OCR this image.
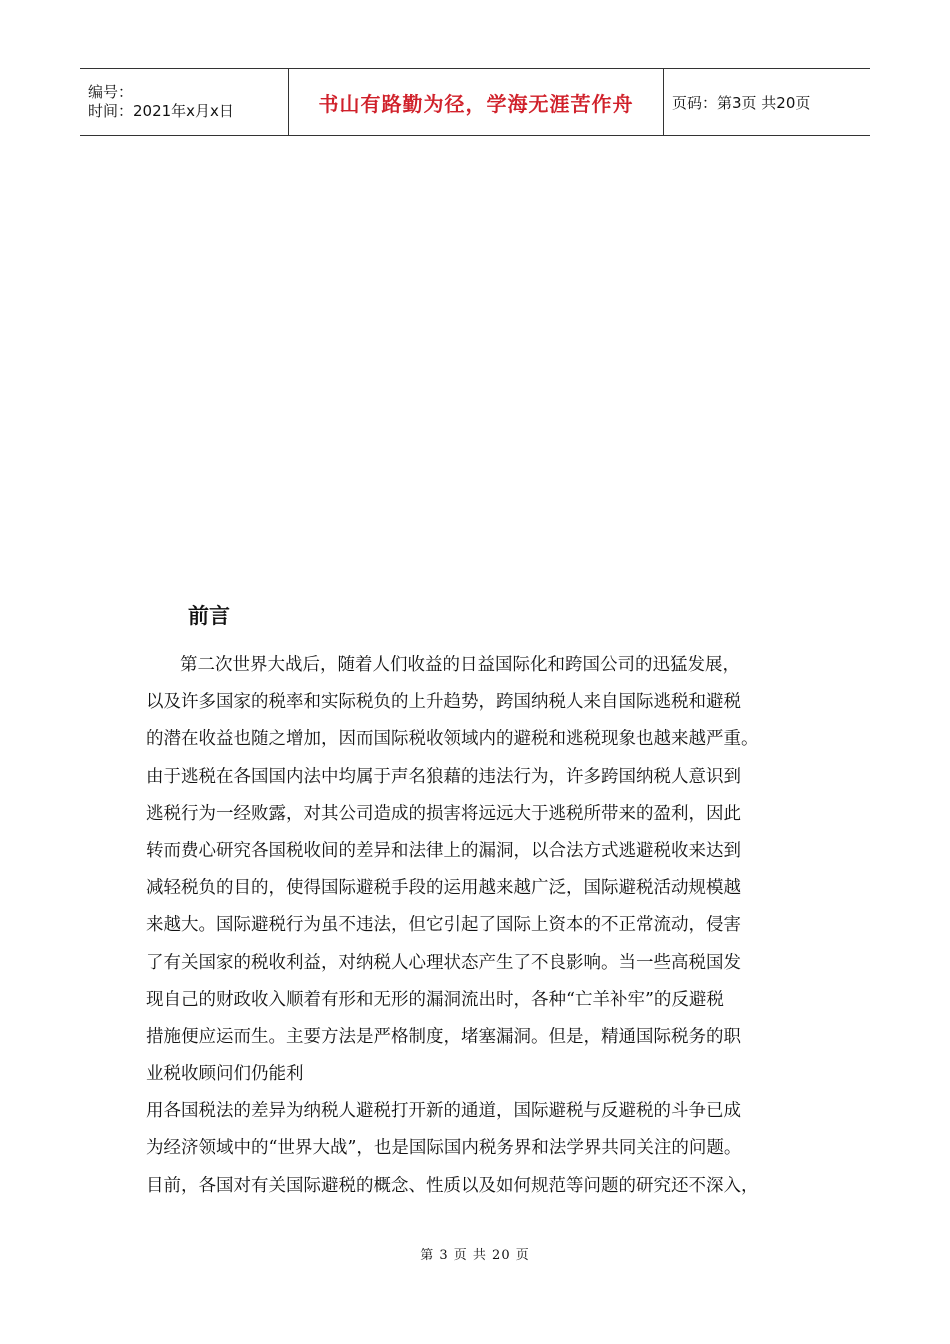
编号：
时间：2021年x月x日	书山有路勤为径，学海无涯苦作舟	页码：第3页 共20页
前言
第二次世界大战后，随着人们收益的日益国际化和跨国公司的迅猛发展，
以及许多国家的税率和实际税负的上升趋势，跨国纳税人来自国际逃税和避税
的潜在收益也随之增加，因而国际税收领域内的避税和逃税现象也越来越严重。
由于逃税在各国国内法中均属于声名狼藉的违法行为，许多跨国纳税人意识到
逃税行为一经败露，对其公司造成的损害将远远大于逃税所带来的盈利，因此
转而费心研究各国税收间的差异和法律上的漏洞，以合法方式逃避税收来达到
减轻税负的目的，使得国际避税手段的运用越来越广泛，国际避税活动规模越
来越大。国际避税行为虽不违法，但它引起了国际上资本的不正常流动，侵害
了有关国家的税收利益，对纳税人心理状态产生了不良影响。当一些高税国发
现自己的财政收入顺着有形和无形的漏洞流出时，各种“亡羊补牢”的反避税
措施便应运而生。主要方法是严格制度，堵塞漏洞。但是，精通国际税务的职
业税收顾问们仍能利
用各国税法的差异为纳税人避税打开新的通道，国际避税与反避税的斗争已成
为经济领域中的“世界大战”，也是国际国内税务界和法学界共同关注的问题。
目前，各国对有关国际避税的概念、性质以及如何规范等问题的研究还不深入，
第 3 页 共 20 页
